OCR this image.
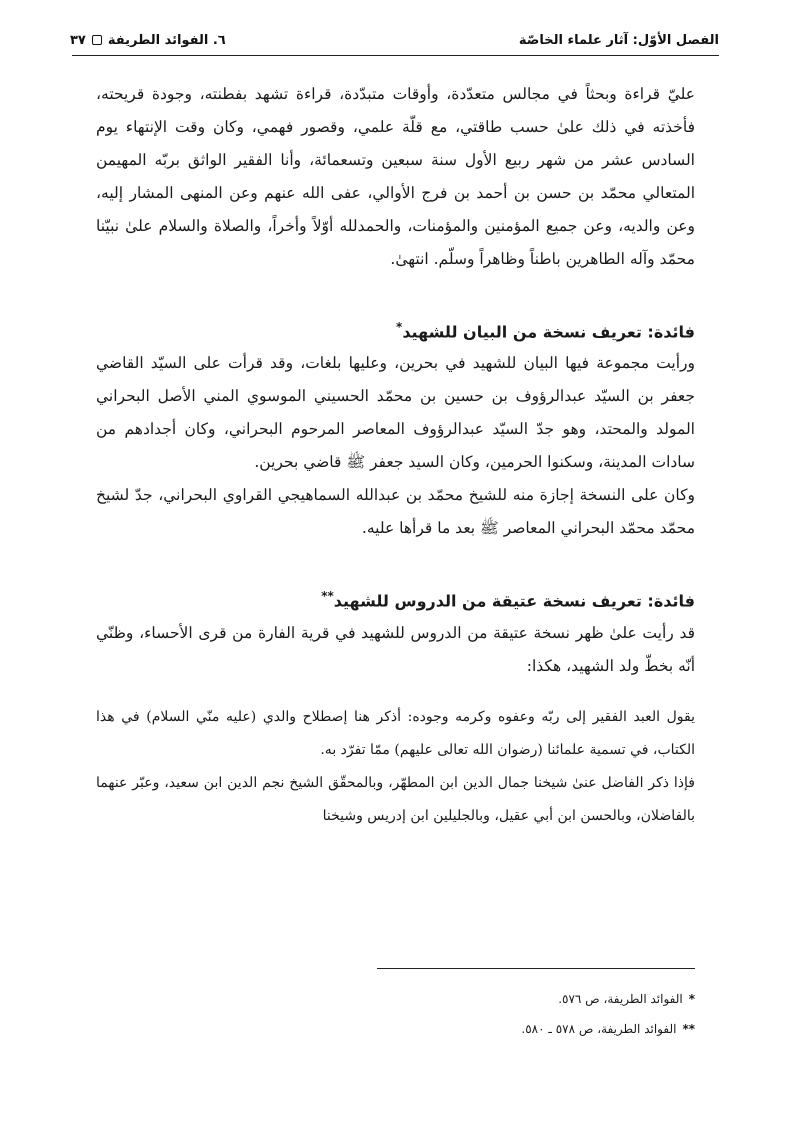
الفصل الأوّل: آثار علماء الخاصّة
٦. الفوائد الطريفة
٣٧

عليّ قراءة وبحثاً في مجالس متعدّدة، وأوقات متبدّدة، قراءة تشهد بفطنته، وجودة قريحته، فأخذته في ذلك علىٰ حسب طاقتي، مع قلّة علمي، وقصور فهمي، وكان وقت الإنتهاء يوم السادس عشر من شهر ربيع الأول سنة سبعين وتسعمائة، وأنا الفقير الواثق بربّه المهيمن المتعالي محمّد بن حسن بن أحمد بن فرج الأوالي، عفى الله عنهم وعن المنهى المشار إليه، وعن والديه، وعن جميع المؤمنين والمؤمنات، والحمدلله أوّلاً وأخراً، والصلاة والسلام علىٰ نبيّنا محمّد وآله الطاهرين باطناً وظاهراً وسلّم. انتهىٰ.

فائدة: تعريف نسخة من البيان للشهيد*

ورأيت مجموعة فيها البيان للشهيد في بحرين، وعليها بلغات، وقد قرأت على السيّد القاضي جعفر بن السيّد عبدالرؤوف بن حسين بن محمّد الحسيني الموسوي المني الأصل البحراني المولد والمحتد، وهو جدّ السيّد عبدالرؤوف المعاصر المرحوم البحراني، وكان أجدادهم من سادات المدينة، وسكنوا الحرمين، وكان السيد جعفر ﷺ قاضي بحرين.

وكان على النسخة إجازة منه للشيخ محمّد بن عبدالله السماهيجي القراوي البحراني، جدّ لشيخ محمّد محمّد البحراني المعاصر ﷺ بعد ما قرأها عليه.

فائدة: تعريف نسخة عتيقة من الدروس للشهيد**

قد رأيت علىٰ ظهر نسخة عتيقة من الدروس للشهيد في قرية الفارة من قرى الأحساء، وظنّي أنّه بخطّ ولد الشهيد، هكذا:

يقول العبد الفقير إلى ربّه وعفوه وكرمه وجوده: أذكر هنا إصطلاح والدي (عليه منّي السلام) في هذا الكتاب، في تسمية علمائنا (رضوان الله تعالى عليهم) ممّا تفرّد به.

فإذا ذكر الفاضل عنىٰ شيخنا جمال الدين ابن المطهّر، وبالمحقّق الشيخ نجم الدين ابن سعيد، وعبّر عنهما بالفاضلان، وبالحسن ابن أبي عقيل، وبالجليلين ابن إدريس وشيخنا

*الفوائد الطريفة، ص ٥٧٦.

**الفوائد الطريفة، ص ٥٧٨ ـ ٥٨٠.
